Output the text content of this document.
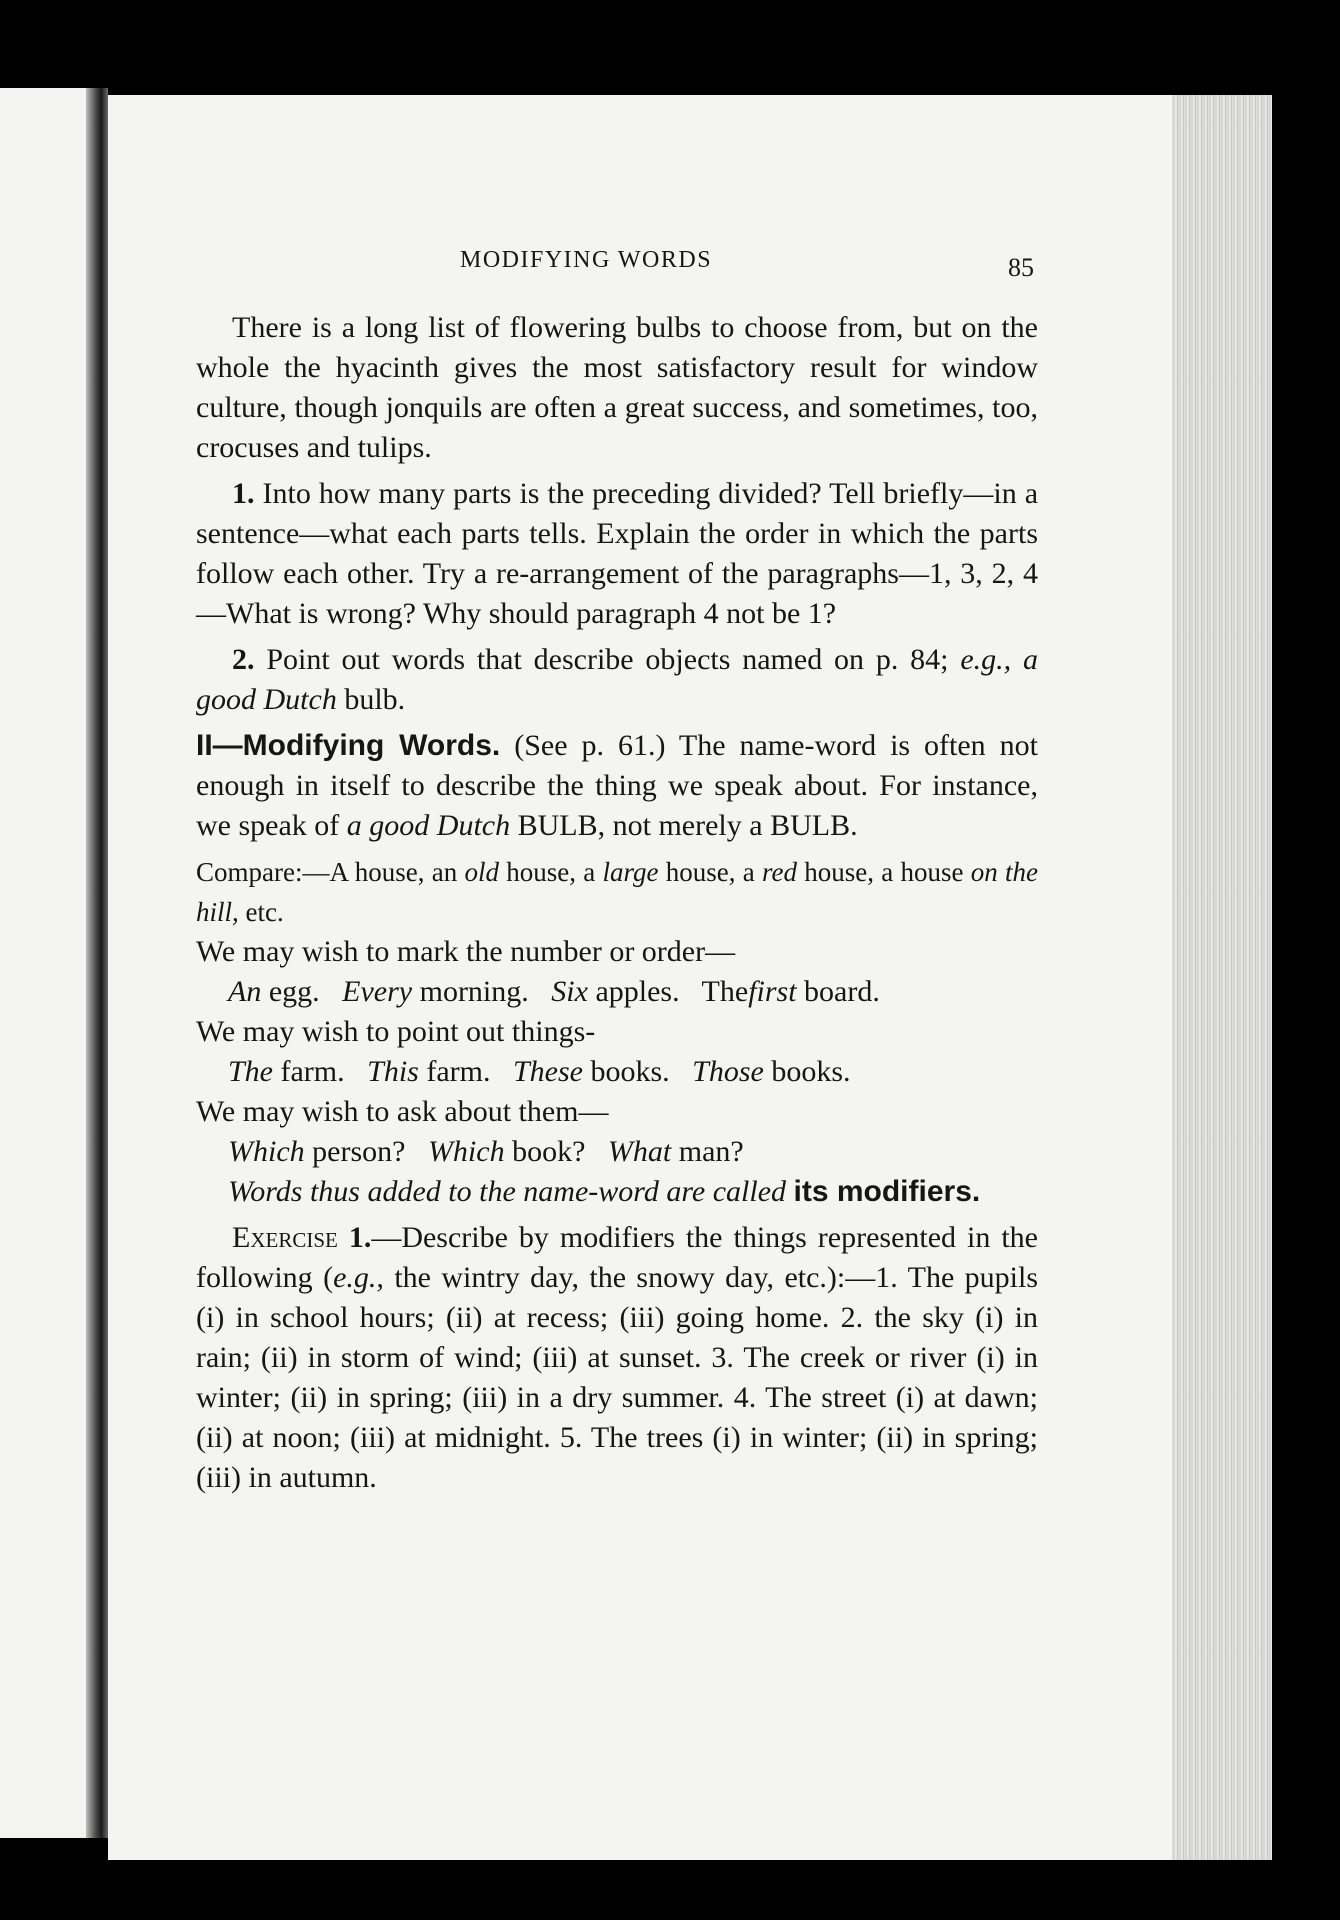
MODIFYING WORDS	85

There is a long list of flowering bulbs to choose from, but on the whole the hyacinth gives the most satisfactory result for window culture, though jonquils are often a great success, and sometimes, too, crocuses and tulips.

1. Into how many parts is the preceding divided? Tell briefly—in a sentence—what each parts tells. Explain the order in which the parts follow each other. Try a re-arrangement of the paragraphs—1, 3, 2, 4—What is wrong? Why should paragraph 4 not be 1?

2. Point out words that describe objects named on p. 84; e.g., a good Dutch bulb.

II—Modifying Words. (See p. 61.) The name-word is often not enough in itself to describe the thing we speak about. For instance, we speak of a good Dutch BULB, not merely a BULB.

Compare:—A house, an old house, a large house, a red house, a house on the hill, etc.

We may wish to mark the number or order—

An egg. Every morning. Six apples. Thefirst board.

We may wish to point out things-

The farm. This farm. These books. Those books.

We may wish to ask about them—

Which person? Which book? What man?

Words thus added to the name-word are called its modifiers.

Exercise 1.—Describe by modifiers the things represented in the following (e.g., the wintry day, the snowy day, etc.):—1. The pupils (i) in school hours; (ii) at recess; (iii) going home. 2. the sky (i) in rain; (ii) in storm of wind; (iii) at sunset. 3. The creek or river (i) in winter; (ii) in spring; (iii) in a dry summer. 4. The street (i) at dawn; (ii) at noon; (iii) at midnight. 5. The trees (i) in winter; (ii) in spring; (iii) in autumn.
